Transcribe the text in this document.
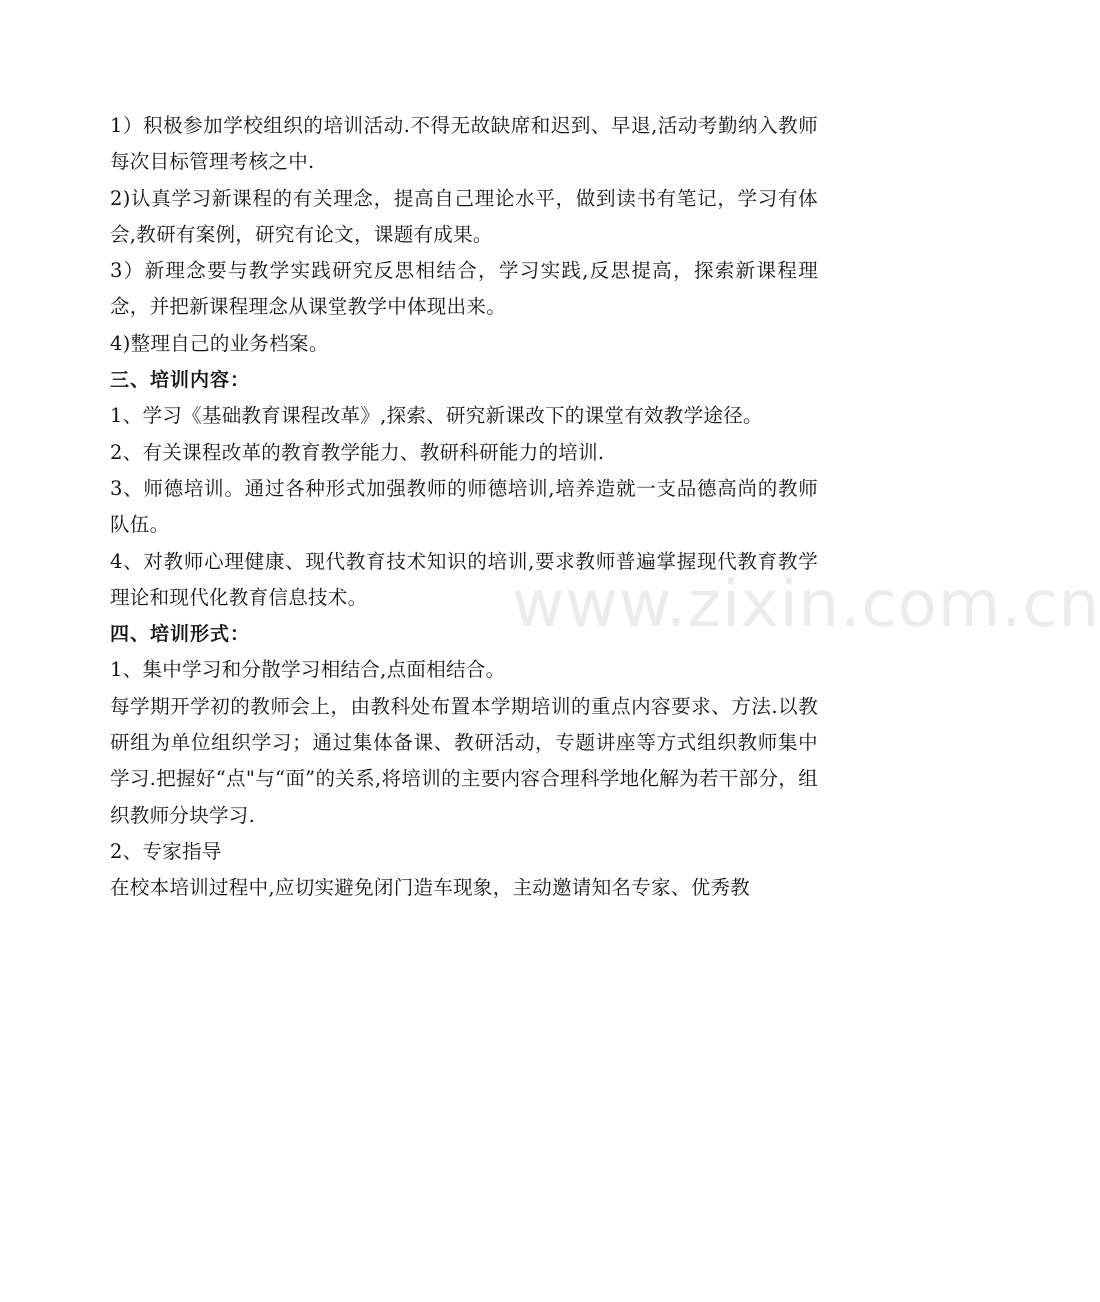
1）积极参加学校组织的培训活动.不得无故缺席和迟到、早退,活动考勤纳入教师每次目标管理考核之中.

2)认真学习新课程的有关理念，提高自己理论水平，做到读书有笔记，学习有体会,教研有案例，研究有论文，课题有成果。

3）新理念要与教学实践研究反思相结合，学习实践,反思提高，探索新课程理念，并把新课程理念从课堂教学中体现出来。

4)整理自己的业务档案。

三、培训内容：

1、学习《基础教育课程改革》,探索、研究新课改下的课堂有效教学途径。

2、有关课程改革的教育教学能力、教研科研能力的培训.

3、师德培训。通过各种形式加强教师的师德培训,培养造就一支品德高尚的教师队伍。

4、对教师心理健康、现代教育技术知识的培训,要求教师普遍掌握现代教育教学理论和现代化教育信息技术。

四、培训形式：

1、集中学习和分散学习相结合,点面相结合。

每学期开学初的教师会上，由教科处布置本学期培训的重点内容要求、方法.以教研组为单位组织学习；通过集体备课、教研活动，专题讲座等方式组织教师集中学习.把握好“点"与“面”的关系,将培训的主要内容合理科学地化解为若干部分，组织教师分块学习.

2、专家指导

在校本培训过程中,应切实避免闭门造车现象，主动邀请知名专家、优秀教

www.zixin.com.cn
